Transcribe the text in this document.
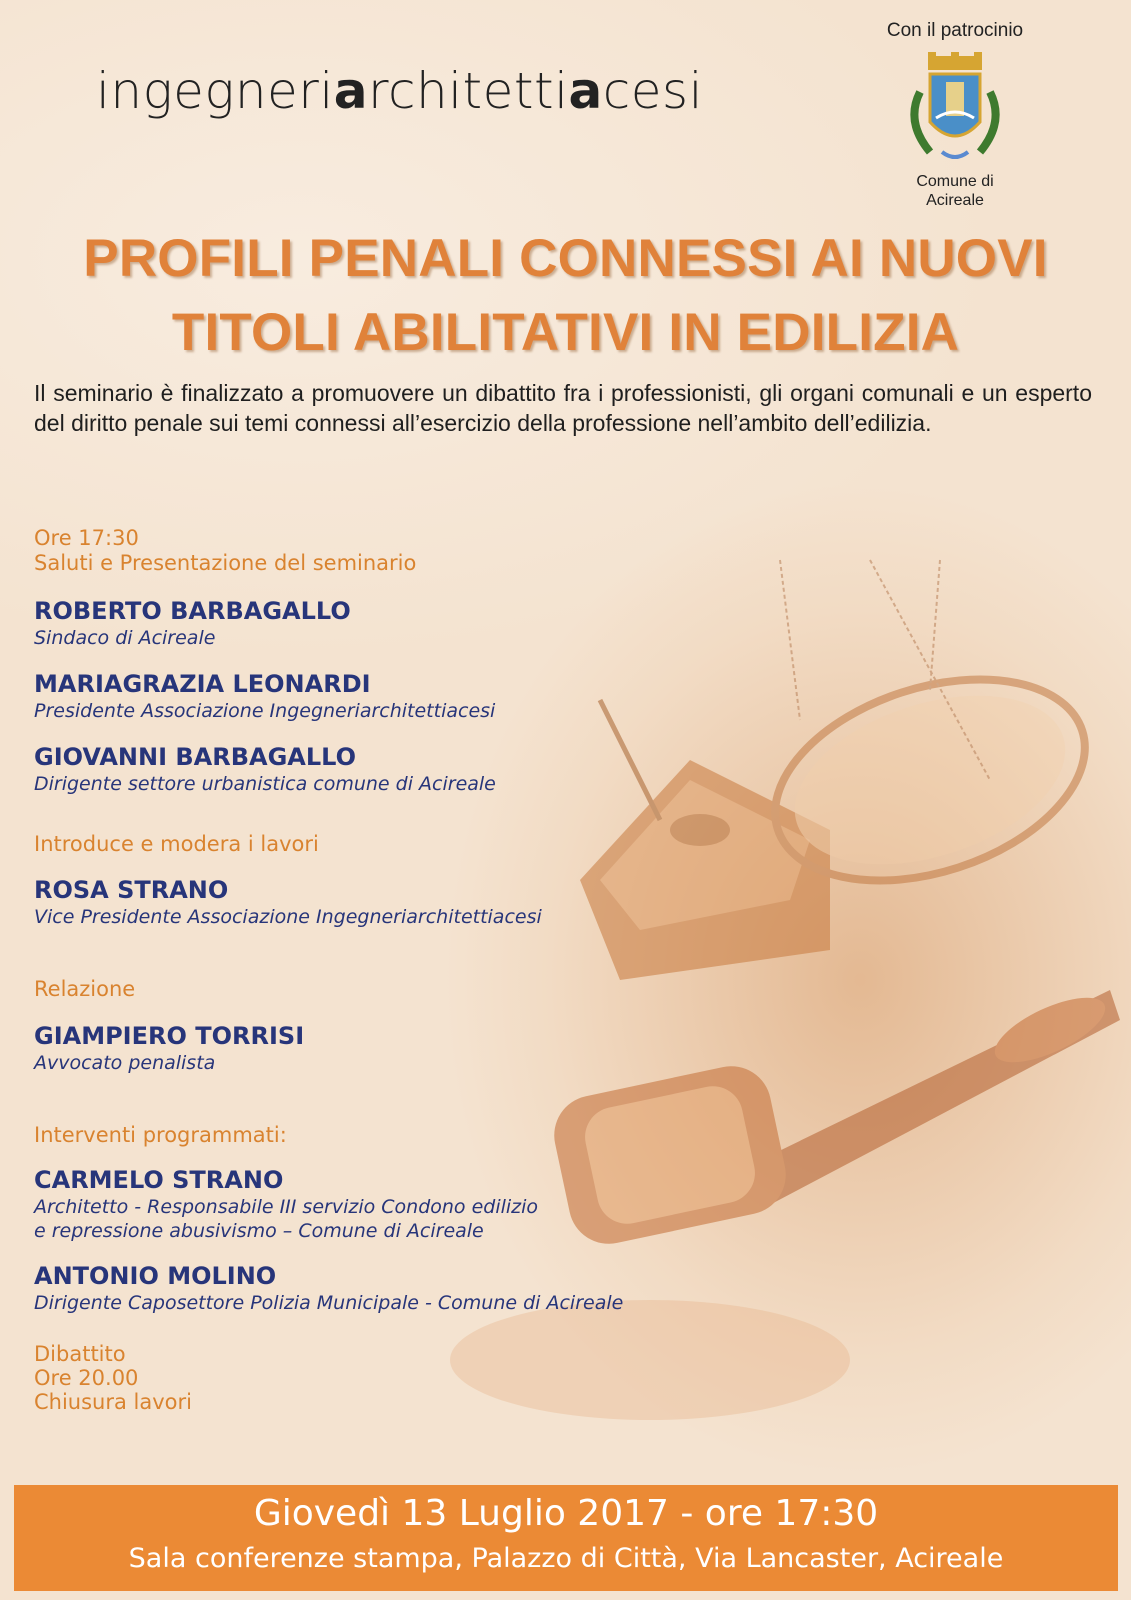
ingegneriarchitettiacesi
Con il patrocinio
Comune di
Acireale
PROFILI PENALI CONNESSI AI NUOVI
TITOLI ABILITATIVI IN EDILIZIA

Il seminario è finalizzato a promuovere un dibattito fra i professionisti, gli organi comunali e un esperto del diritto penale sui temi connessi all’esercizio della professione nell’ambito dell’edilizia.

Ore 17:30
Saluti e Presentazione del seminario
ROBERTO BARBAGALLO
Sindaco di Acireale
MARIAGRAZIA LEONARDI
Presidente Associazione Ingegneriarchitettiacesi
GIOVANNI BARBAGALLO
Dirigente settore urbanistica comune di Acireale
Introduce e modera i lavori
ROSA STRANO
Vice Presidente Associazione Ingegneriarchitettiacesi
Relazione
GIAMPIERO TORRISI
Avvocato penalista
Interventi programmati:
CARMELO STRANO
Architetto - Responsabile III servizio Condono edilizio
e repressione abusivismo – Comune di Acireale
ANTONIO MOLINO
Dirigente Caposettore Polizia Municipale - Comune di Acireale
Dibattito
Ore 20.00
Chiusura lavori
Giovedì 13 Luglio 2017 - ore 17:30
Sala conferenze stampa, Palazzo di Città, Via Lancaster, Acireale
